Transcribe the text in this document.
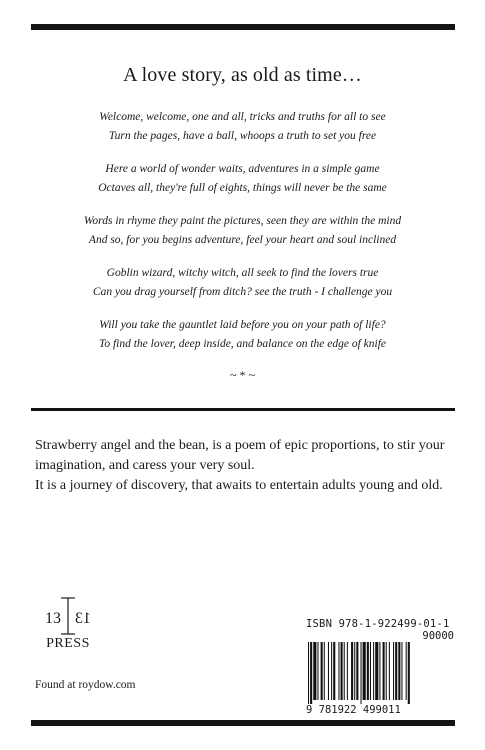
A love story, as old as time…
Welcome, welcome, one and all, tricks and truths for all to see
Turn the pages, have a ball, whoops a truth to set you free
Here a world of wonder waits, adventures in a simple game
Octaves all, they're full of eights, things will never be the same
Words in rhyme they paint the pictures, seen they are within the mind
And so, for you begins adventure, feel your heart and soul inclined
Goblin wizard, witchy witch, all seek to find the lovers true
Can you drag yourself from ditch? see the truth - I challenge you
Will you take the gauntlet laid before you on your path of life?
To find the lover, deep inside, and balance on the edge of knife
~ * ~

Strawberry angel and the bean, is a poem of epic proportions, to stir your imagination, and caress your very soul.

It is a journey of discovery, that awaits to entertain adults young and old.

13 13
PRESS
Found at roydow.com
ISBN 978-1-922499-01-1
90000
9 781922 499011
